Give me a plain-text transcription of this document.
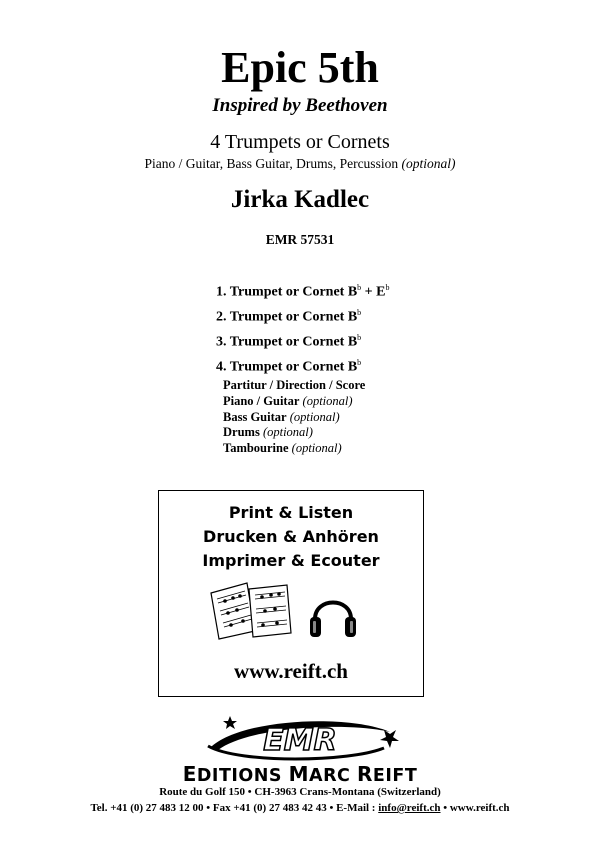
Epic 5th
Inspired by Beethoven
4 Trumpets or Cornets
Piano / Guitar, Bass Guitar, Drums, Percussion (optional)
Jirka Kadlec
EMR 57531
1. Trumpet or Cornet $B^b + E^b$
2. Trumpet or Cornet $B^b$
3. Trumpet or Cornet $B^b$
4. Trumpet or Cornet $B^b$
Partitur / Direction / Score
Piano / Guitar (optional)
Bass Guitar (optional)
Drums (optional)
Tambourine (optional)
Print & Listen
Drucken & Anhören
Imprimer & Ecouter
www.reift.ch
EMR
EDITIONS MARC REIFT
Route du Golf 150 • CH-3963 Crans-Montana (Switzerland)
Tel. +41 (0) 27 483 12 00 • Fax +41 (0) 27 483 42 43 • E-Mail : info@reift.ch • www.reift.ch
